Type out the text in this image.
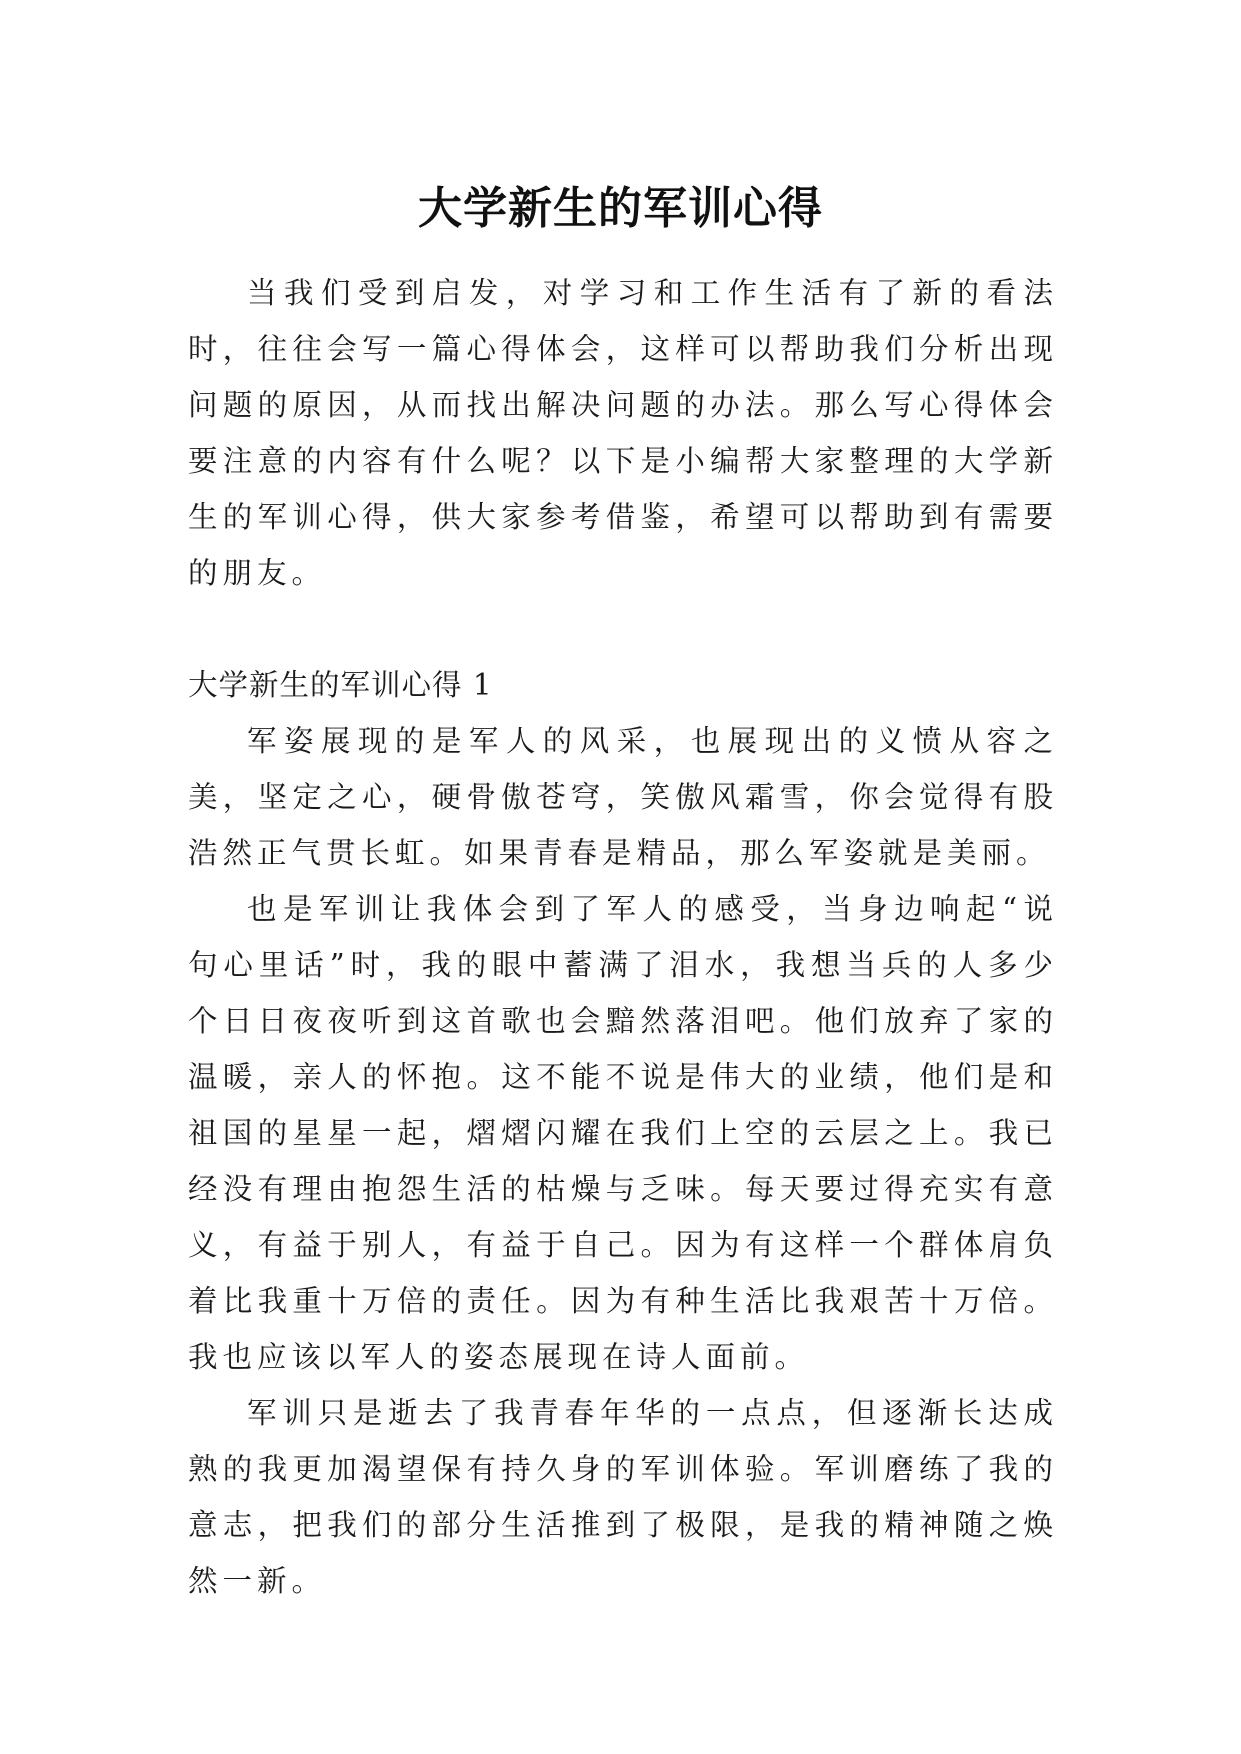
大学新生的军训心得

当我们受到启发，对学习和工作生活有了新的看法时，往往会写一篇心得体会，这样可以帮助我们分析出现问题的原因，从而找出解决问题的办法。那么写心得体会要注意的内容有什么呢？以下是小编帮大家整理的大学新生的军训心得，供大家参考借鉴，希望可以帮助到有需要的朋友。

大学新生的军训心得 1

军姿展现的是军人的风采，也展现出的义愤从容之美，坚定之心，硬骨傲苍穹，笑傲风霜雪，你会觉得有股浩然正气贯长虹。如果青春是精品，那么军姿就是美丽。

也是军训让我体会到了军人的感受，当身边响起“说句心里话”时，我的眼中蓄满了泪水，我想当兵的人多少个日日夜夜听到这首歌也会黯然落泪吧。他们放弃了家的温暖，亲人的怀抱。这不能不说是伟大的业绩，他们是和祖国的星星一起，熠熠闪耀在我们上空的云层之上。我已经没有理由抱怨生活的枯燥与乏味。每天要过得充实有意义，有益于别人，有益于自己。因为有这样一个群体肩负着比我重十万倍的责任。因为有种生活比我艰苦十万倍。我也应该以军人的姿态展现在诗人面前。

军训只是逝去了我青春年华的一点点，但逐渐长达成熟的我更加渴望保有持久身的军训体验。军训磨练了我的意志，把我们的部分生活推到了极限，是我的精神随之焕然一新。
